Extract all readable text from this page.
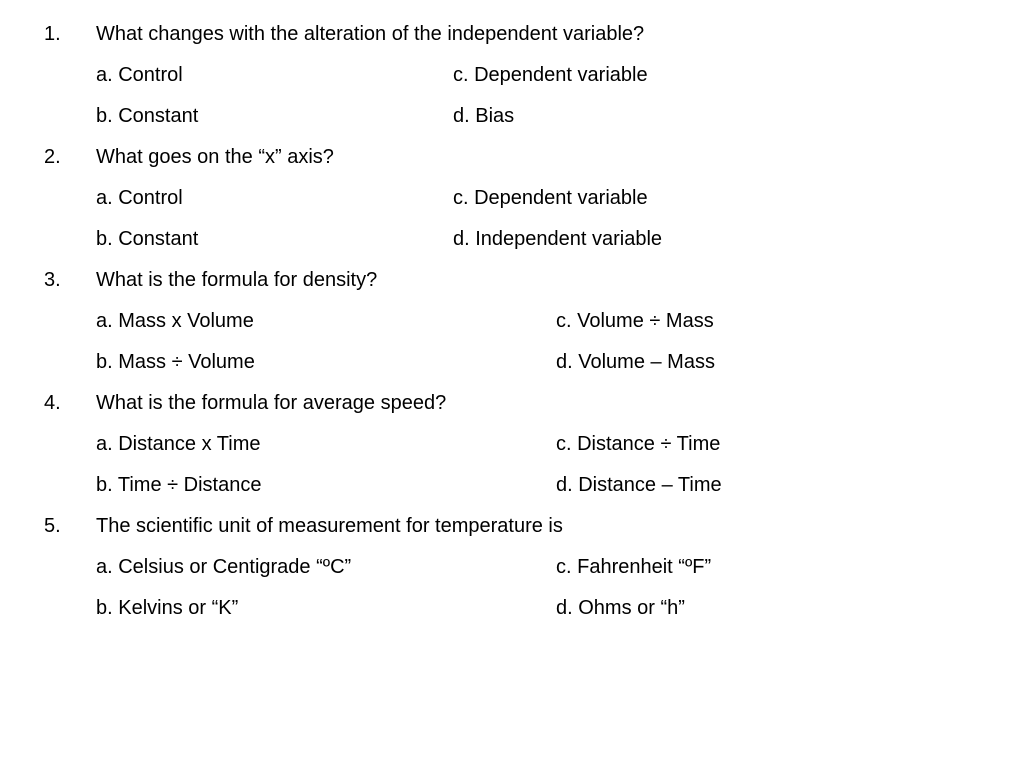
1. What changes with the alteration of the independent variable?
a. Control	c. Dependent variable
b. Constant	d. Bias
2. What goes on the “x” axis?
a. Control	c. Dependent variable
b. Constant	d. Independent variable
3. What is the formula for density?
a. Mass x Volume	c. Volume ÷ Mass
b. Mass ÷ Volume	d. Volume – Mass
4. What is the formula for average speed?
a. Distance x Time	c. Distance ÷ Time
b. Time ÷ Distance	d. Distance – Time
5. The scientific unit of measurement for temperature is
a. Celsius or Centigrade “ºC”	c. Fahrenheit “ºF”
b. Kelvins or “K”	d. Ohms or “h”
